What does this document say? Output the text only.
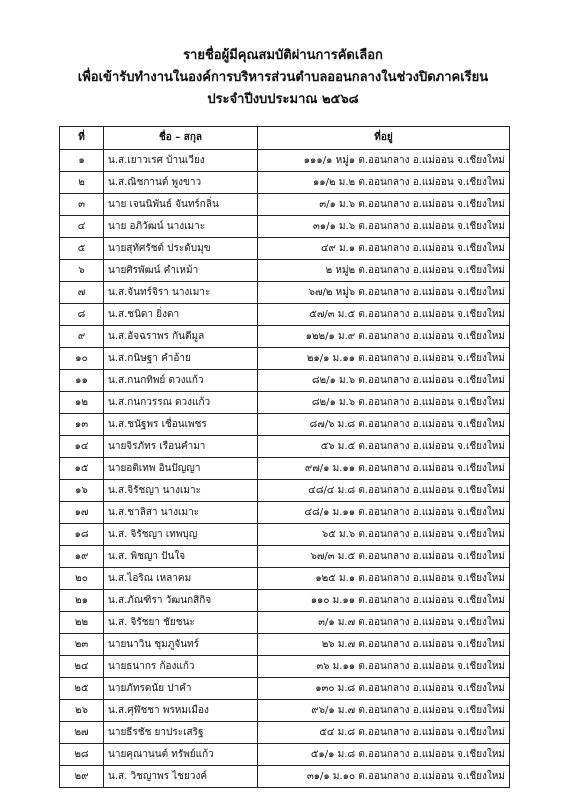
รายชื่อผู้มีคุณสมบัติผ่านการคัดเลือก
เพื่อเข้ารับทำงานในองค์การบริหารส่วนตำบลออนกลางในช่วงปิดภาคเรียน
ประจำปีงบประมาณ ๒๕๖๘
ที่	ชื่อ – สกุล	ที่อยู่
๑	น.ส.เยาวเรศ บ้านเวียง	๑๑๑/๑ หมู่๑ ต.ออนกลาง อ.แม่ออน จ.เชียงใหม่
๒	น.ส.ณิชกานต์ พูงขาว	๑๑/๒ ม.๒ ต.ออนกลาง อ.แม่ออน จ.เชียงใหม่
๓	นาย เจนนิพันธ์ จันทร์กลิ่น	๓/๑ ม.๖ ต.ออนกลาง อ.แม่ออน จ.เชียงใหม่
๔	นาย อภิวัฒน์ นางเมาะ	๓๑/๑ ม.๖ ต.ออนกลาง อ.แม่ออน จ.เชียงใหม่
๕	นายสุทัศรัชต์ ประดับมุข	๔๙ ม.๑ ต.ออนกลาง อ.แม่ออน จ.เชียงใหม่
๖	นายศิรพัฒน์ คำเหม้า	๒ หมู่๒ ต.ออนกลาง อ.แม่ออน จ.เชียงใหม่
๗	น.ส.จันทร์จิรา นางเมาะ	๖๗/๒ หมู่๖ ต.ออนกลาง อ.แม่ออน จ.เชียงใหม่
๘	น.ส.ชนิดา ยิ่งดา	๕๗/๓ ม.๕ ต.ออนกลาง อ.แม่ออน จ.เชียงใหม่
๙	น.ส.อัจฉราพร กันตีมูล	๑๒๒/๑ ม.๙ ต.ออนกลาง อ.แม่ออน จ.เชียงใหม่
๑๐	น.ส.กนิษฐา คำอ้าย	๒๑/๑ ม.๑๑ ต.ออนกลาง อ.แม่ออน จ.เชียงใหม่
๑๑	น.ส.กนกทิพย์ ดวงแก้ว	๘๒/๑ ม.๖ ต.ออนกลาง อ.แม่ออน จ.เชียงใหม่
๑๒	น.ส.กนกวรรณ ดวงแก้ว	๘๒/๑ ม.๖ ต.ออนกลาง อ.แม่ออน จ.เชียงใหม่
๑๓	น.ส.ชนัฐพร เชื่อนเพชร	๘๗/๖ ม.๘ ต.ออนกลาง อ.แม่ออน จ.เชียงใหม่
๑๔	นายจิรภัทร เรือนคำมา	๕๖ ม.๕ ต.ออนกลาง อ.แม่ออน จ.เชียงใหม่
๑๕	นายอติเทพ อินปัญญา	๙๗/๑ ม.๑๑ ต.ออนกลาง อ.แม่ออน จ.เชียงใหม่
๑๖	น.ส.จิรัชญา นางเมาะ	๔๘/๔ ม.๘ ต.ออนกลาง อ.แม่ออน จ.เชียงใหม่
๑๗	น.ส.ชาลิสา นางเมาะ	๔๘/๑ ม.๑๑ ต.ออนกลาง อ.แม่ออน จ.เชียงใหม่
๑๘	น.ส. จิรัชญา เทพบุญ	๖๕ ม.๖ ต.ออนกลาง อ.แม่ออน จ.เชียงใหม่
๑๙	น.ส. พิชญา ปันใจ	๖๗/๓ ม.๕ ต.ออนกลาง อ.แม่ออน จ.เชียงใหม่
๒๐	น.ส.ไอริณ เหลาคม	๑๒๕ ม.๑ ต.ออนกลาง อ.แม่ออน จ.เชียงใหม่
๒๑	น.ส.ภัณฑิรา วัฒนกสิกิจ	๑๑๐ ม.๑๑ ต.ออนกลาง อ.แม่ออน จ.เชียงใหม่
๒๒	น.ส. จิรัชยา ชัยชนะ	๓/๑ ม.๗ ต.ออนกลาง อ.แม่ออน จ.เชียงใหม่
๒๓	นายนาวิน ชุมภูจันทร์	๒๖ ม.๗ ต.ออนกลาง อ.แม่ออน จ.เชียงใหม่
๒๔	นายธนากร ก้องแก้ว	๓๖ ม.๑๑ ต.ออนกลาง อ.แม่ออน จ.เชียงใหม่
๒๕	นายภัทรดนัย ปาคำ	๑๓๐ ม.๘ ต.ออนกลาง อ.แม่ออน จ.เชียงใหม่
๒๖	น.ส.ศุฬัชชา พรหมเมือง	๙๖/๑ ม.๗ ต.ออนกลาง อ.แม่ออน จ.เชียงใหม่
๒๗	นายธีรชัช ยาประเสริฐ	๕๔ ม.๘ ต.ออนกลาง อ.แม่ออน จ.เชียงใหม่
๒๘	นายคุณานนต์ ทรัพย์แก้ว	๕๑/๑ ม.๘ ต.ออนกลาง อ.แม่ออน จ.เชียงใหม่
๒๙	น.ส. วิชญาพร ไชยวงค์	๓๑/๑ ม.๑๐ ต.ออนกลาง อ.แม่ออน จ.เชียงใหม่
